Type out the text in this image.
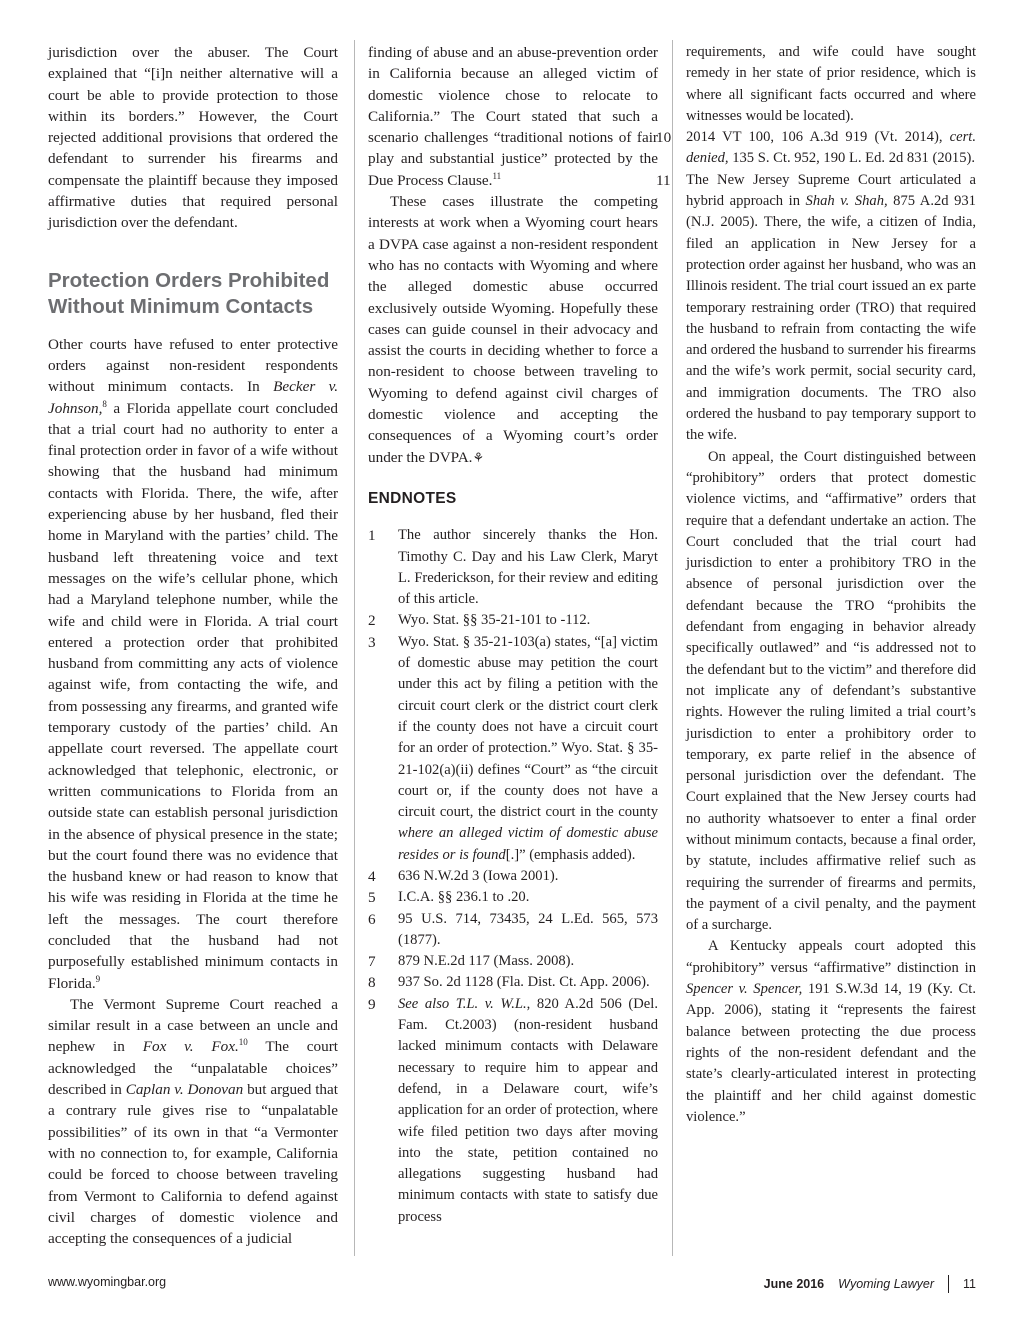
jurisdiction over the abuser. The Court explained that “[i]n neither alternative will a court be able to provide protection to those within its borders.” However, the Court rejected additional provisions that ordered the defendant to surrender his firearms and compensate the plaintiff because they imposed affirmative duties that required personal jurisdiction over the defendant.

Protection Orders Prohibited Without Minimum Contacts

Other courts have refused to enter protective orders against non-resident respondents without minimum contacts. In Becker v. Johnson,$^8$ a Florida appellate court concluded that a trial court had no authority to enter a final protection order in favor of a wife without showing that the husband had minimum contacts with Florida. There, the wife, after experiencing abuse by her husband, fled their home in Maryland with the parties’ child. The husband left threatening voice and text messages on the wife’s cellular phone, which had a Maryland telephone number, while the wife and child were in Florida. A trial court entered a protection order that prohibited husband from committing any acts of violence against wife, from contacting the wife, and from possessing any firearms, and granted wife temporary custody of the parties’ child. An appellate court reversed. The appellate court acknowledged that telephonic, electronic, or written communications to Florida from an outside state can establish personal jurisdiction in the absence of physical presence in the state; but the court found there was no evidence that the husband knew or had reason to know that his wife was residing in Florida at the time he left the messages. The court therefore concluded that the husband had not purposefully established minimum contacts in Florida.$^9$

The Vermont Supreme Court reached a similar result in a case between an uncle and nephew in Fox v. Fox.$^{10}$ The court acknowledged the “unpalatable choices” described in Caplan v. Donovan but argued that a contrary rule gives rise to “unpalatable possibilities” of its own in that “a Vermonter with no connection to, for example, California could be forced to choose between traveling from Vermont to California to defend against civil charges of domestic violence and accepting the consequences of a judicial

finding of abuse and an abuse-prevention order in California because an alleged victim of domestic violence chose to relocate to California.” The Court stated that such a scenario challenges “traditional notions of fair play and substantial justice” protected by the Due Process Clause.$^{11}$

These cases illustrate the competing interests at work when a Wyoming court hears a DVPA case against a non-resident respondent who has no contacts with Wyoming and where the alleged domestic abuse occurred exclusively outside Wyoming. Hopefully these cases can guide counsel in their advocacy and assist the courts in deciding whether to force a non-resident to choose between traveling to Wyoming to defend against civil charges of domestic violence and accepting the consequences of a Wyoming court’s order under the DVPA.⚘

ENDNOTES
1	The author sincerely thanks the Hon. Timothy C. Day and his Law Clerk, Maryt L. Frederickson, for their review and editing of this article.
2	Wyo. Stat. §§ 35-21-101 to -112.
3	Wyo. Stat. § 35-21-103(a) states, “[a] victim of domestic abuse may petition the court under this act by filing a petition with the circuit court clerk or the district court clerk if the county does not have a circuit court for an order of protection.” Wyo. Stat. § 35-21-102(a)(ii) defines “Court” as “the circuit court or, if the county does not have a circuit court, the district court in the county where an alleged victim of domestic abuse resides or is found[.]” (emphasis added).
4	636 N.W.2d 3 (Iowa 2001).
5	I.C.A. §§ 236.1 to .20.
6	95 U.S. 714, 73435, 24 L.Ed. 565, 573 (1877).
7	879 N.E.2d 117 (Mass. 2008).
8	937 So. 2d 1128 (Fla. Dist. Ct. App. 2006).
9	See also T.L. v. W.L., 820 A.2d 506 (Del. Fam. Ct.2003) (non-resident husband lacked minimum contacts with Delaware necessary to require him to appear and defend, in a Delaware court, wife’s application for an order of protection, where wife filed petition two days after moving into the state, petition contained no allegations suggesting husband had minimum contacts with state to satisfy due process

requirements, and wife could have sought remedy in her state of prior residence, which is where all significant facts occurred and where witnesses would be located).

10	2014 VT 100, 106 A.3d 919 (Vt. 2014), cert. denied, 135 S. Ct. 952, 190 L. Ed. 2d 831 (2015).
11	The New Jersey Supreme Court articulated a hybrid approach in Shah v. Shah, 875 A.2d 931 (N.J. 2005). There, the wife, a citizen of India, filed an application in New Jersey for a protection order against her husband, who was an Illinois resident. The trial court issued an ex parte temporary restraining order (TRO) that required the husband to refrain from contacting the wife and ordered the husband to surrender his firearms and the wife’s work permit, social security card, and immigration documents. The TRO also ordered the husband to pay temporary support to the wife.

On appeal, the Court distinguished between “prohibitory” orders that protect domestic violence victims, and “affirmative” orders that require that a defendant undertake an action. The Court concluded that the trial court had jurisdiction to enter a prohibitory TRO in the absence of personal jurisdiction over the defendant because the TRO “prohibits the defendant from engaging in behavior already specifically outlawed” and “is addressed not to the defendant but to the victim” and therefore did not implicate any of defendant’s substantive rights. However the ruling limited a trial court’s jurisdiction to enter a prohibitory order to temporary, ex parte relief in the absence of personal jurisdiction over the defendant. The Court explained that the New Jersey courts had no authority whatsoever to enter a final order without minimum contacts, because a final order, by statute, includes affirmative relief such as requiring the surrender of firearms and permits, the payment of a civil penalty, and the payment of a surcharge.

A Kentucky appeals court adopted this “prohibitory” versus “affirmative” distinction in Spencer v. Spencer, 191 S.W.3d 14, 19 (Ky. Ct. App. 2006), stating it “represents the fairest balance between protecting the due process rights of the non-resident defendant and the state’s clearly-articulated interest in protecting the plaintiff and her child against domestic violence.”

www.wyomingbar.org	June 2016 Wyoming Lawyer 11
